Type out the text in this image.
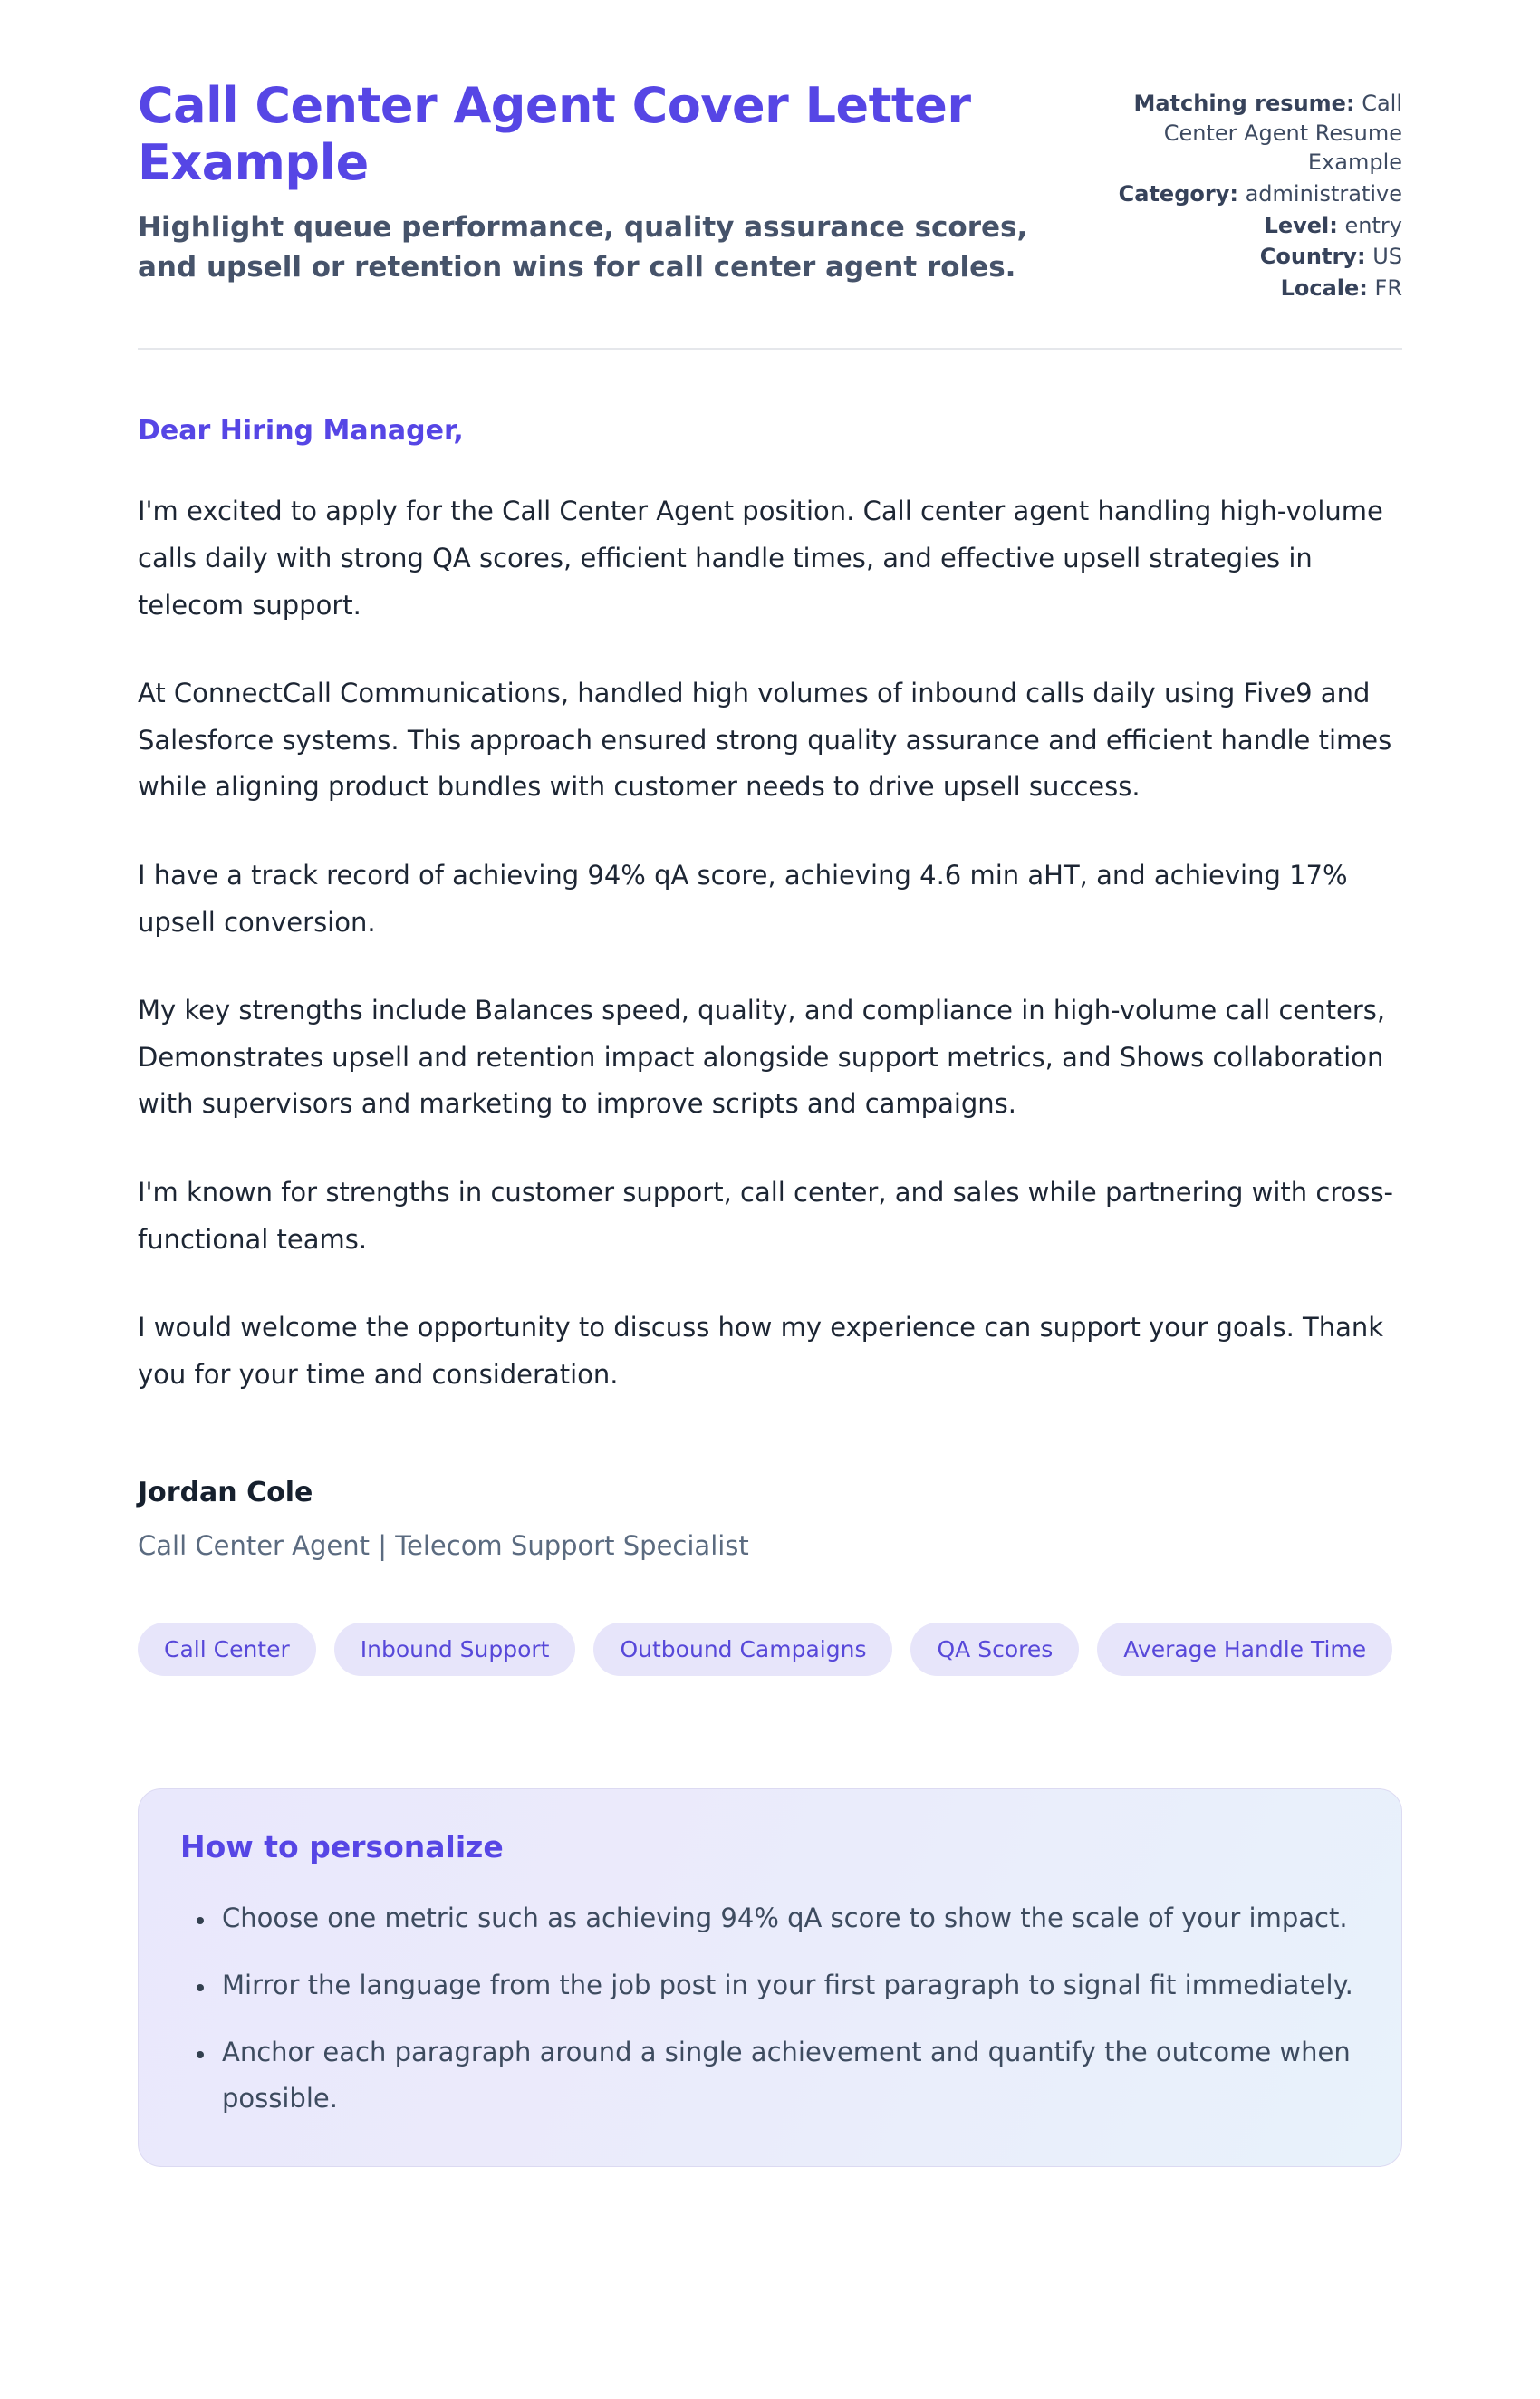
Call Center Agent Cover Letter Example

Highlight queue performance, quality assurance scores, and upsell or retention wins for call center agent roles.

Matching resume: Call Center Agent Resume Example
Category: administrative
Level: entry
Country: US
Locale: FR
Dear Hiring Manager,

I'm excited to apply for the Call Center Agent position. Call center agent handling high-volume calls daily with strong QA scores, efficient handle times, and effective upsell strategies in telecom support.

At ConnectCall Communications, handled high volumes of inbound calls daily using Five9 and Salesforce systems. This approach ensured strong quality assurance and efficient handle times while aligning product bundles with customer needs to drive upsell success.

I have a track record of achieving 94% qA score, achieving 4.6 min aHT, and achieving 17% upsell conversion.

My key strengths include Balances speed, quality, and compliance in high-volume call centers, Demonstrates upsell and retention impact alongside support metrics, and Shows collaboration with supervisors and marketing to improve scripts and campaigns.

I'm known for strengths in customer support, call center, and sales while partnering with cross-functional teams.

I would welcome the opportunity to discuss how my experience can support your goals. Thank you for your time and consideration.

Jordan Cole
Call Center Agent | Telecom Support Specialist
Call Center	Inbound Support	Outbound Campaigns	QA Scores	Average Handle Time
How to personalize
• Choose one metric such as achieving 94% qA score to show the scale of your impact.
• Mirror the language from the job post in your first paragraph to signal fit immediately.
• Anchor each paragraph around a single achievement and quantify the outcome when possible.
